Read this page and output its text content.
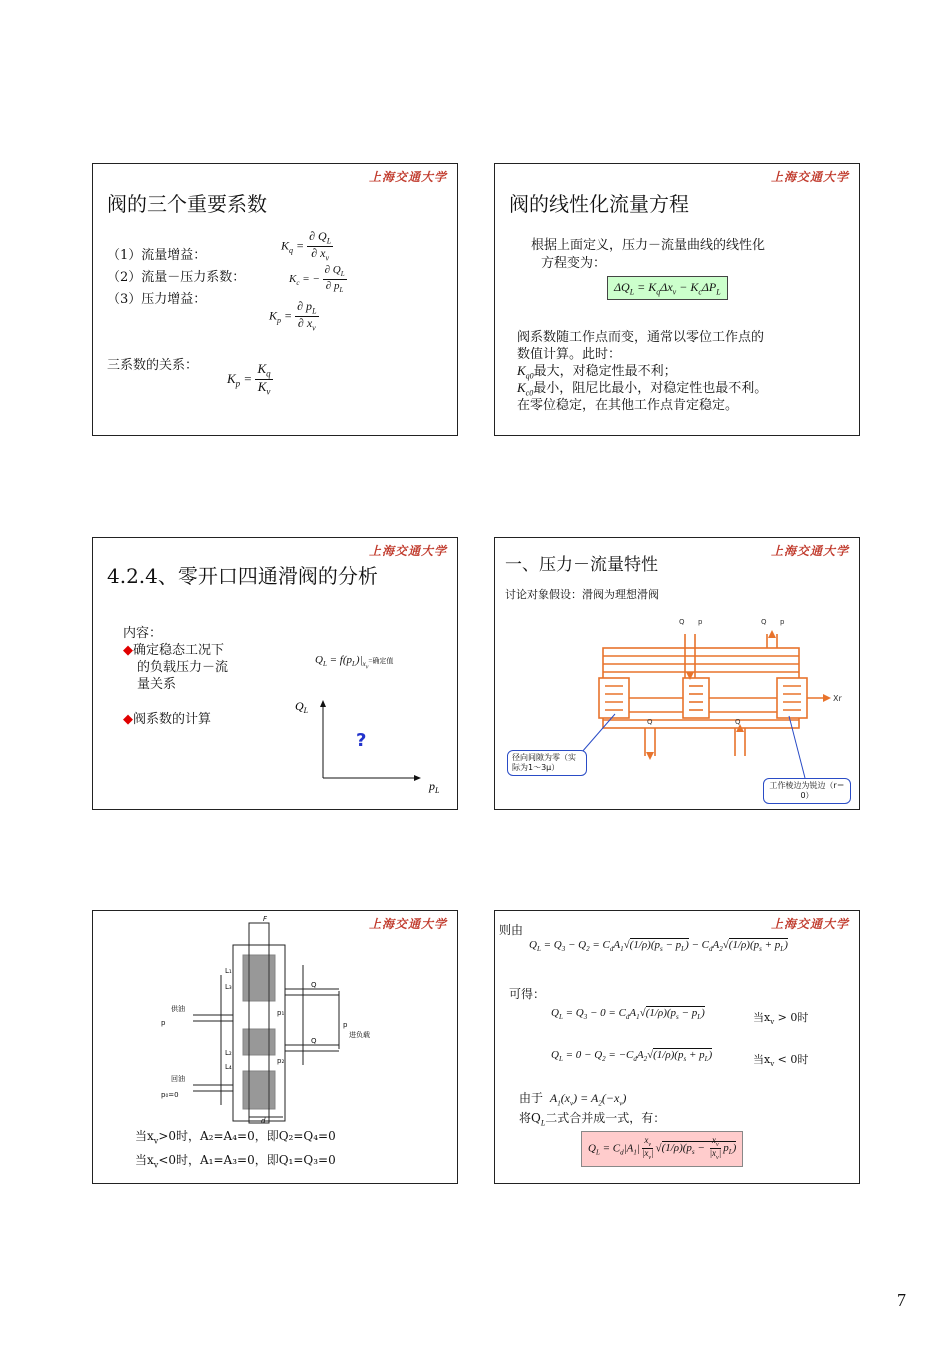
上海交通大学
阀的三个重要系数
（1）流量增益：
（2）流量－压力系数：
（3）压力增益：
$K_q = \frac{\partial Q_L}{\partial x_v}$
$K_c$ = − $\frac{\partial Q_L}{\partial p_L}$
$K_p = \frac{\partial p_L}{\partial x_v}$
三系数的关系：
$K_p = \frac{K_q}{K_v}$
上海交通大学
阀的线性化流量方程
根据上面定义，压力－流量曲线的线性化
方程变为：
$\Delta Q_L = K_q\Delta x_v - K_c\Delta P_L$
阀系数随工作点而变，通常以零位工作点的
数值计算。此时：
$K_{q0}$最大，对稳定性最不利；
$K_{c0}$最小，阻尼比最小，对稳定性也最不利。
在零位稳定，在其他工作点肯定稳定。
上海交通大学
4.2.4、零开口四通滑阀的分析
内容：
◆确定稳态工况下
的负载压力－流
量关系
◆阀系数的计算
$Q_L = f(p_L)|_{x_v}=$确定值
$Q_L$
$p_L$
?
上海交通大学
一、压力－流量特性
讨论对象假设：滑阀为理想滑阀
Q p	Q p
Q	Q
Xr
径向间隙为零（实际为1～3μ）
工作棱边为锐边（r＝0）
上海交通大学
F
L₁
L₃
L₂
L₄
p₁
p₂
Q
Q
p
p₀=0
d
p
供油
回油
进负载
当$x_v>0$时，A₂=A₄=0，即Q₂=Q₄=0
当$x_v<0$时，A₁=A₃=0，即Q₁=Q₃=0
上海交通大学
则由
$Q_L = Q_3 - Q_2 = C_dA_1√(1/\rho)(p_s - p_L) - C_dA_2√(1/\rho)(p_s + p_L)$
可得：
$Q_L = Q_3 - 0 = C_dA_1√(1/\rho)(p_s - p_L)$	当$x_v > 0$时
$Q_L = 0 - Q_2 = -C_dA_2√(1/\rho)(p_s + p_L)$	当$x_v < 0$时
由于  $A_1(x_v) = A_2(-x_v)$
将$Q_L$二式合并成一式，有：
$Q_L = C_d|A_1| \frac{x_v}{|x_v|} √(1/\rho)(p_s - \frac{x_v}{|x_v|} p_L)$
7
